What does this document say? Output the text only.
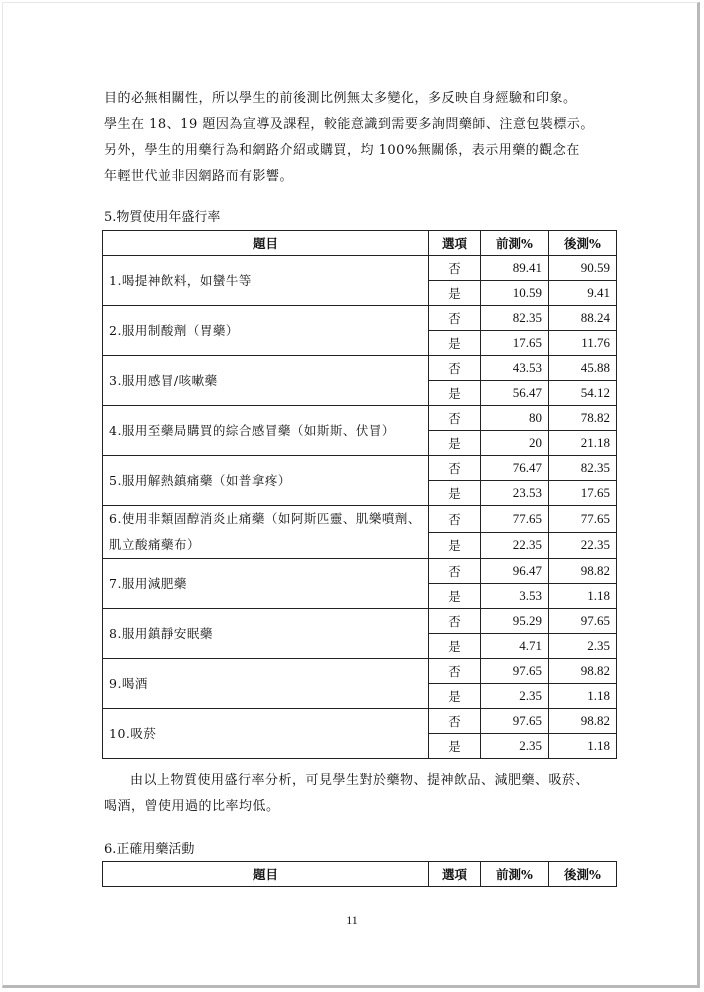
目的必無相關性，所以學生的前後測比例無太多變化，多反映自身經驗和印象。
學生在 18、19 題因為宣導及課程，較能意識到需要多詢問藥師、注意包裝標示。
另外，學生的用藥行為和網路介紹或購買，均 100%無關係，表示用藥的觀念在
年輕世代並非因網路而有影響。
5.物質使用年盛行率
題目	選項	前測%	後測%
1.喝提神飲料，如蠻牛等	否	89.41	90.59
	是	10.59	9.41
2.服用制酸劑（胃藥）	否	82.35	88.24
	是	17.65	11.76
3.服用感冒/咳嗽藥	否	43.53	45.88
	是	56.47	54.12
4.服用至藥局購買的綜合感冒藥（如斯斯、伏冒）	否	80	78.82
	是	20	21.18
5.服用解熱鎮痛藥（如普拿疼）	否	76.47	82.35
	是	23.53	17.65
6.使用非類固醇消炎止痛藥（如阿斯匹靈、肌樂噴劑、肌立酸痛藥布）	否	77.65	77.65
	是	22.35	22.35
7.服用減肥藥	否	96.47	98.82
	是	3.53	1.18
8.服用鎮靜安眠藥	否	95.29	97.65
	是	4.71	2.35
9.喝酒	否	97.65	98.82
	是	2.35	1.18
10.吸菸	否	97.65	98.82
	是	2.35	1.18
由以上物質使用盛行率分析，可見學生對於藥物、提神飲品、減肥藥、吸菸、
喝酒，曾使用過的比率均低。
6.正確用藥活動
題目	選項	前測%	後測%
11
